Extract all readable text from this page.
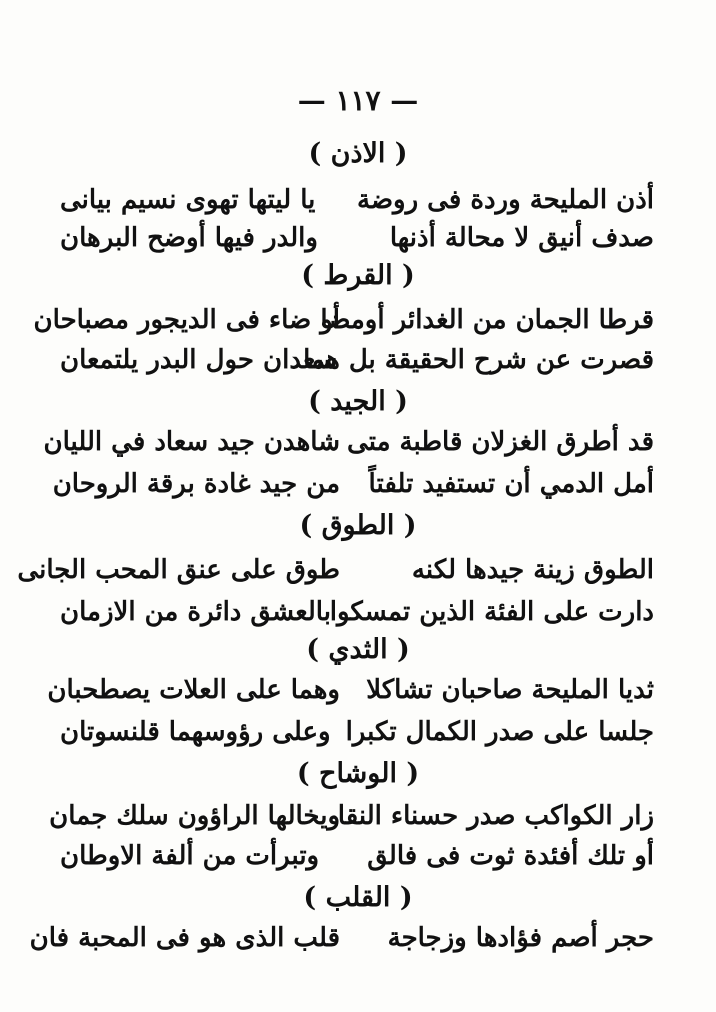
— ١١٧ —
( الاذن )
أذن المليحة وردة فى روضة
يا ليتها تهوى نسيم بيانى
صدف أنيق لا محالة أذنها
والدر فيها أوضح البرهان
( القرط )
قرطا الجمان من الغدائر أومضا
أو ضاء فى الديجور مصباحان
قصرت عن شرح الحقيقة بل هما
سعدان حول البدر يلتمعان
( الجيد )
قد أطرق الغزلان قاطبة متى
شاهدن جيد سعاد في الليان
أمل الدمي أن تستفيد تلفتاً
من جيد غادة برقة الروحان
( الطوق )
الطوق زينة جيدها لكنه
طوق على عنق المحب الجانى
دارت على الفئة الذين تمسكوا
بالعشق دائرة من الازمان
( الثدي )
ثديا المليحة صاحبان تشاكلا
وهما على العلات يصطحبان
جلسا على صدر الكمال تكبرا
وعلى رؤوسهما قلنسوتان
( الوشاح )
زار الكواكب صدر حسناء النقا
ويخالها الراؤون سلك جمان
أو تلك أفئدة ثوت فى فالق
وتبرأت من ألفة الاوطان
( القلب )
حجر أصم فؤادها وزجاجة
قلب الذى هو فى المحبة فان
